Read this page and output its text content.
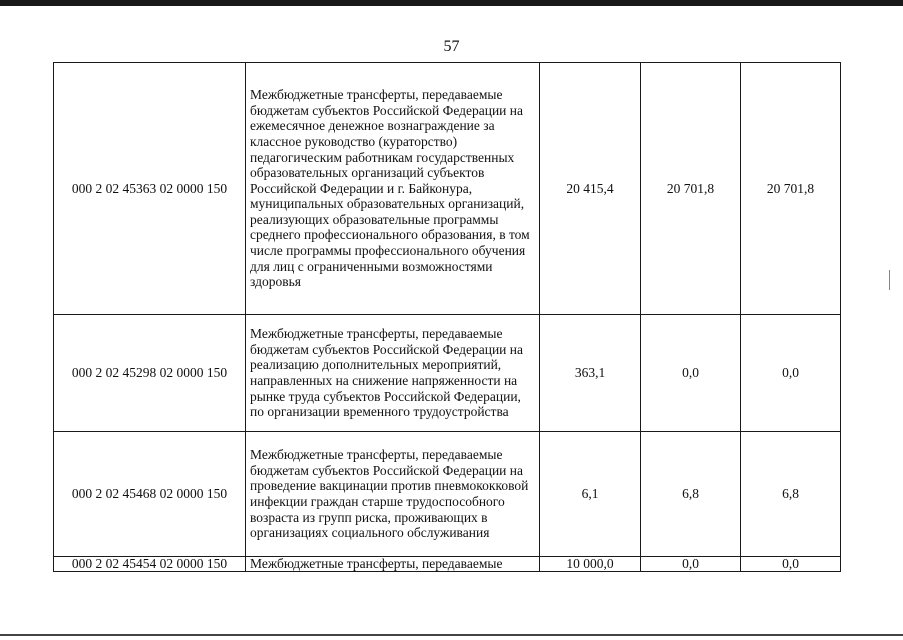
57
000 2 02 45363 02 0000 150	Межбюджетные трансферты, передаваемые бюджетам субъектов Российской Федерации на ежемесячное денежное вознаграждение за классное руководство (кураторство) педагогическим работникам государственных образовательных организаций субъектов Российской Федерации и г. Байконура, муниципальных образовательных организаций, реализующих образовательные программы среднего профессионального образования, в том числе программы профессионального обучения для лиц с ограниченными возможностями здоровья	20 415,4	20 701,8	20 701,8
000 2 02 45298 02 0000 150	Межбюджетные трансферты, передаваемые бюджетам субъектов Российской Федерации на реализацию дополнительных мероприятий, направленных на снижение напряженности на рынке труда субъектов Российской Федерации, по организации временного трудоустройства	363,1	0,0	0,0
000 2 02 45468 02 0000 150	Межбюджетные трансферты, передаваемые бюджетам субъектов Российской Федерации на проведение вакцинации против пневмококковой инфекции граждан старше трудоспособного возраста из групп риска, проживающих в организациях социального обслуживания	6,1	6,8	6,8
000 2 02 45454 02 0000 150	Межбюджетные трансферты, передаваемые	10 000,0	0,0	0,0
